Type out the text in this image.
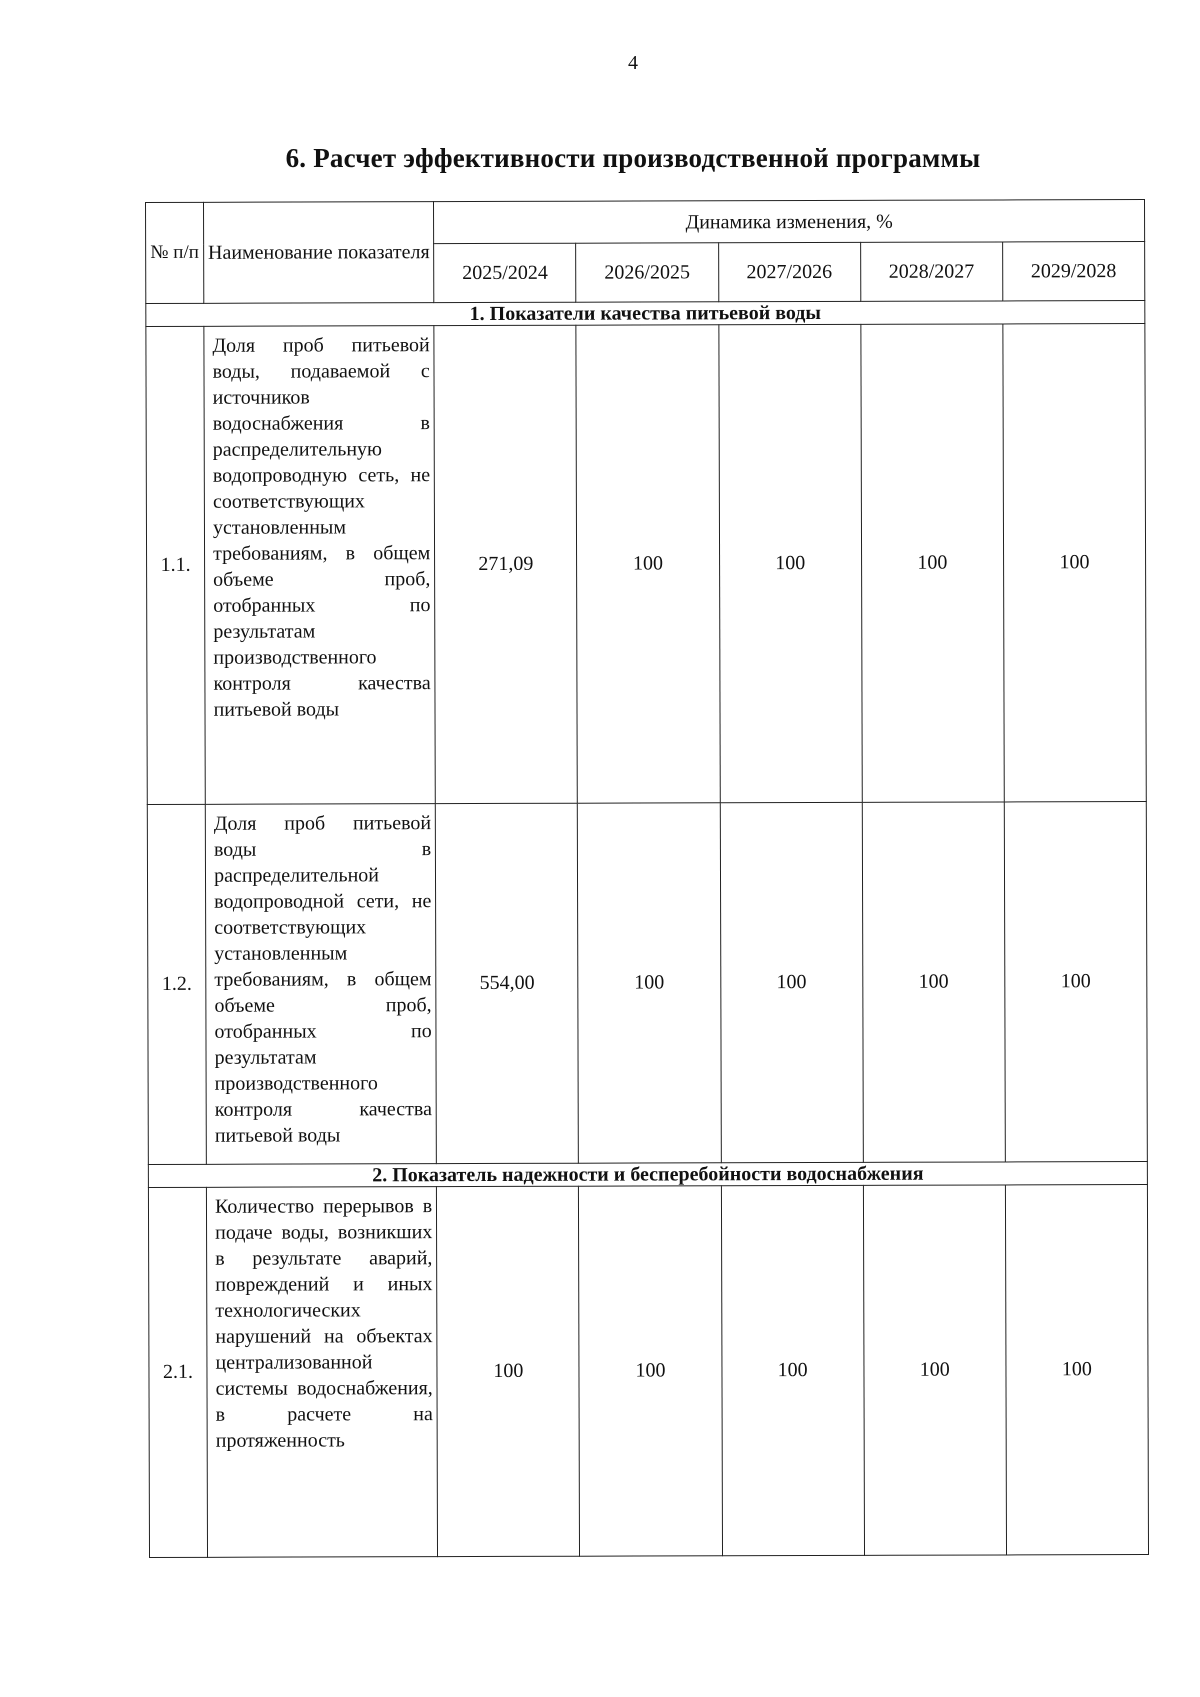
4
6. Расчет эффективности производственной программы
№ п/п	Наименование показателя	Динамика изменения, %				
		2025/2024	2026/2025	2027/2026	2028/2027	2029/2028
1. Показатели качества питьевой воды						
1.1.	Доля проб питьевой воды, подаваемой с источников водоснабжения в распределительную водопроводную сеть, не соответствующих установленным требованиям, в общем объеме проб, отобранных по результатам производственного контроля качества питьевой воды	271,09	100	100	100	100
1.2.	Доля проб питьевой воды в распределительной водопроводной сети, не соответствующих установленным требованиям, в общем объеме проб, отобранных по результатам производственного контроля качества питьевой воды	554,00	100	100	100	100
2. Показатель надежности и бесперебойности водоснабжения						
2.1.	Количество перерывов в подаче воды, возникших в результате аварий, повреждений и иных технологических нарушений на объектах централизованной системы водоснабжения, в расчете на протяженность	100	100	100	100	100
